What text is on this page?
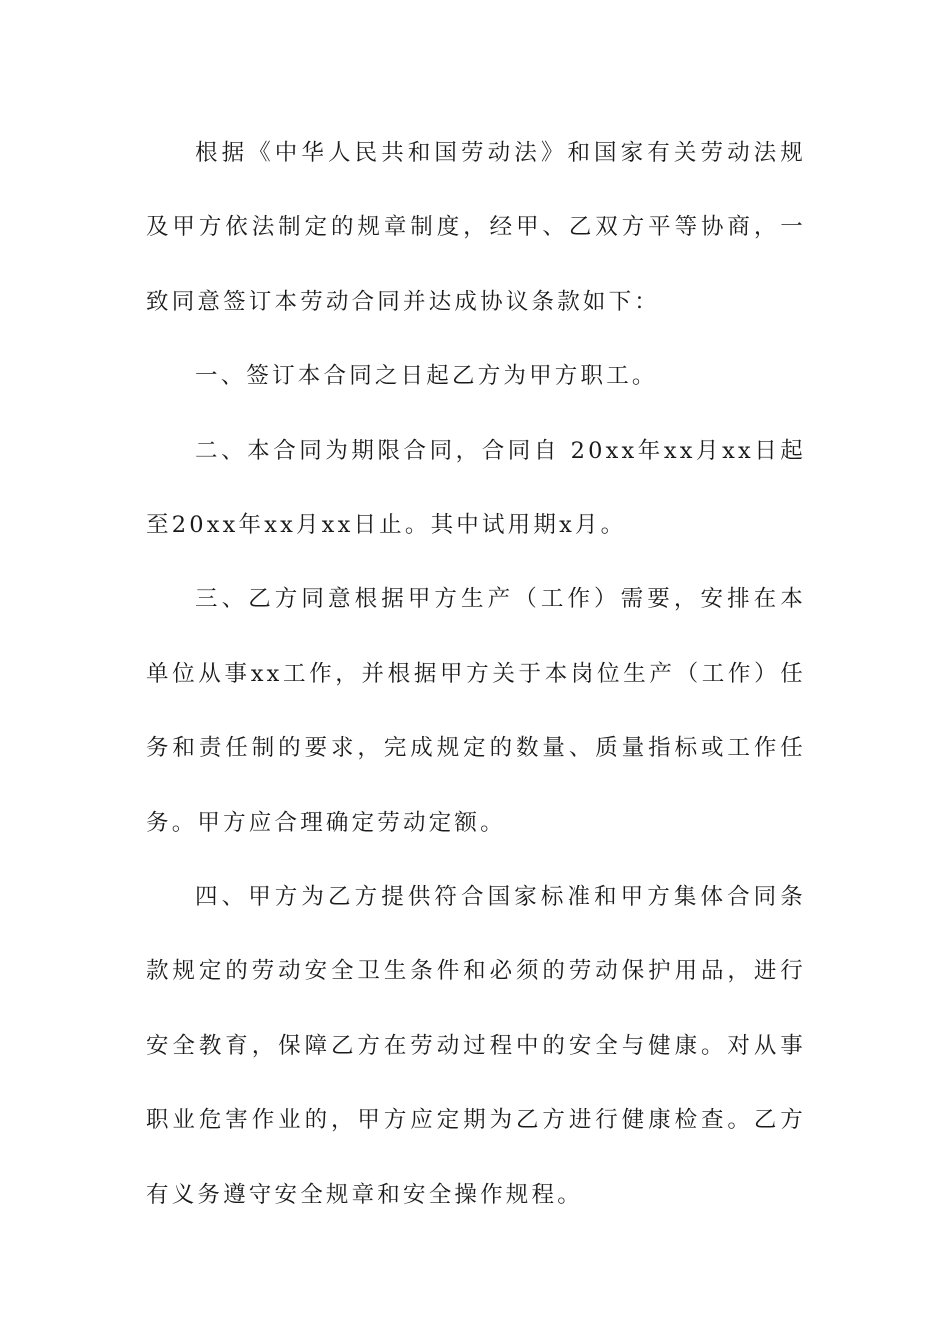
根据《中华人民共和国劳动法》和国家有关劳动法规及甲方依法制定的规章制度，经甲、乙双方平等协商，一致同意签订本劳动合同并达成协议条款如下：

一、签订本合同之日起乙方为甲方职工。

二、本合同为期限合同，合同自 20xx年xx月xx日起至20xx年xx月xx日止。其中试用期x月。

三、乙方同意根据甲方生产（工作）需要，安排在本单位从事xx工作，并根据甲方关于本岗位生产（工作）任务和责任制的要求，完成规定的数量、质量指标或工作任务。甲方应合理确定劳动定额。

四、甲方为乙方提供符合国家标准和甲方集体合同条款规定的劳动安全卫生条件和必须的劳动保护用品，进行安全教育，保障乙方在劳动过程中的安全与健康。对从事职业危害作业的，甲方应定期为乙方进行健康检查。乙方有义务遵守安全规章和安全操作规程。
